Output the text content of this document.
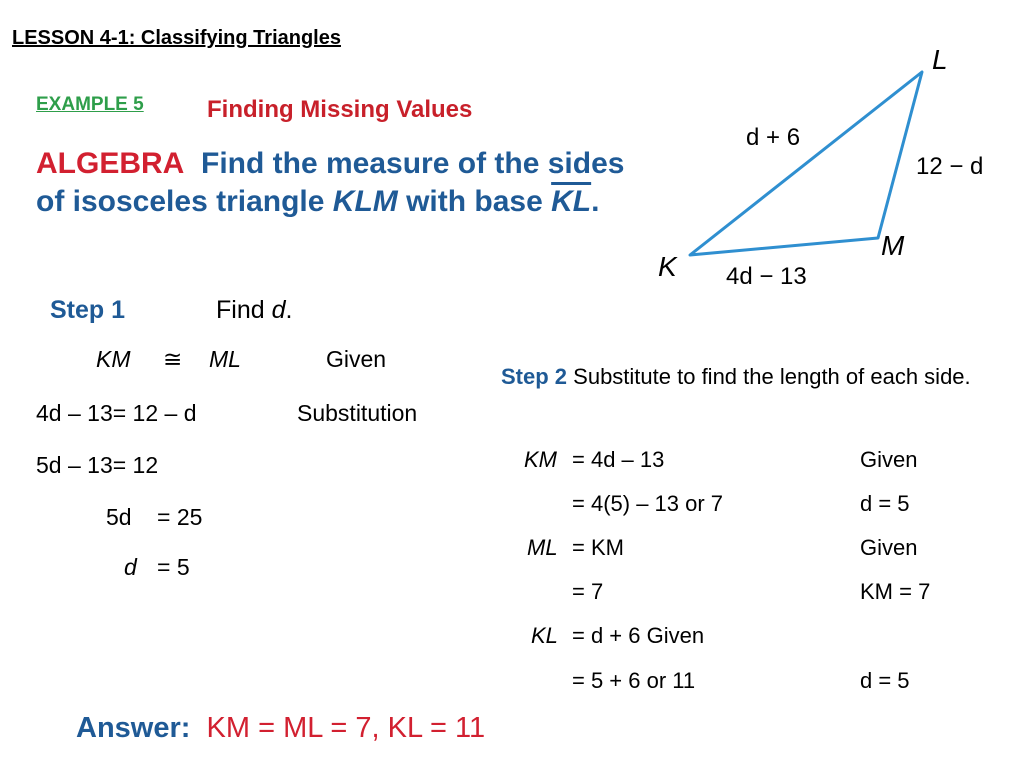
LESSON 4-1: Classifying Triangles
EXAMPLE 5	Finding Missing Values
ALGEBRA Find the measure of the sides of isosceles triangle KLM with base $\overline{KL}$.
L
K
M
d + 6
12 − d
4d − 13
Step 1	Find d.
KM ≅ ML	Given
4d – 13= 12 – d	Substitution
5d – 13= 12
5d = 25
d = 5
Step 2 Substitute to find the length of each side.
KM = 4d – 13	Given
= 4(5) – 13 or 7	d = 5
ML = KM	Given
= 7	KM = 7
KL = d + 6 Given
= 5 + 6 or 11	d = 5
Answer: KM = ML = 7, KL = 11
